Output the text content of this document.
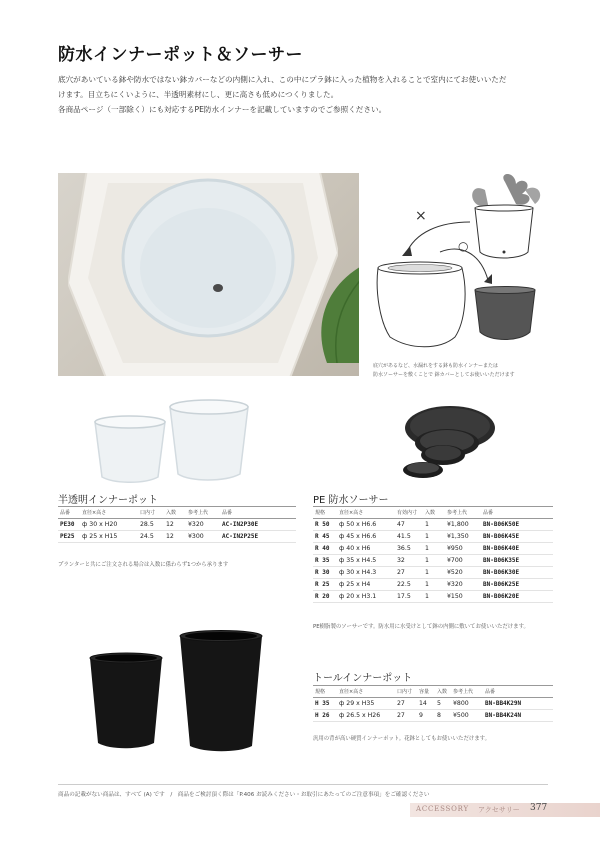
防水インナーポット＆ソーサー

底穴があいている鉢や防水ではない鉢カバーなどの内側に入れ、この中にプラ鉢に入った植物を入れることで室内にてお使いいただ

けます。目立ちにくいように、半透明素材にし、更に高さも低めにつくりました。

各商品ページ（一部除く）にも対応するPE防水インナーを記載していますのでご参照ください。

×
○
底穴があるなど、水漏れをする鉢も防水インナーまたは
防水ソーサーを敷くことで 鉢カバーとしてお使いいただけます
半透明インナーポット
品番	直径×高さ	口内寸	入数	参考上代	品番
PE30	ф 30 x H20	28.5	12	¥320	AC-IN2P30E
PE25	ф 25 x H15	24.5	12	¥300	AC-IN2P25E
プランターと共にご注文される場合は入数に係わらず1つから承ります
PE 防水ソーサー
規格	直径×高さ	有効内寸	入数	参考上代	品番
R 50	ф 50 x H6.6	47	1	¥1,800	BN-B06K50E
R 45	ф 45 x H6.6	41.5	1	¥1,350	BN-B06K45E
R 40	ф 40 x H6	36.5	1	¥950	BN-B06K40E
R 35	ф 35 x H4.5	32	1	¥700	BN-B06K35E
R 30	ф 30 x H4.3	27	1	¥520	BN-B06K30E
R 25	ф 25 x H4	22.5	1	¥320	BN-B06K25E
R 20	ф 20 x H3.1	17.5	1	¥150	BN-B06K20E
PE樹脂製のソーサーです。防水用に水受けとして鉢の内側に敷いてお使いいただけます。
トールインナーポット
規格	直径×高さ	口内寸	容量	入数	参考上代	品番
H 35	ф 29 x H35	27	14	5	¥800	BN-BB4K29N
H 26	ф 26.5 x H26	27	9	8	¥500	BN-BB4K24N
汎用の背が高い硬質インナーポット。花鉢としてもお使いいただけます。
商品の記載がない商品は、すべて (A) です　/　商品をご検討頂く際は「P.406 お読みください・お取引にあたってのご注意事項」をご確認ください
ACCESSORY アクセサリー 377
